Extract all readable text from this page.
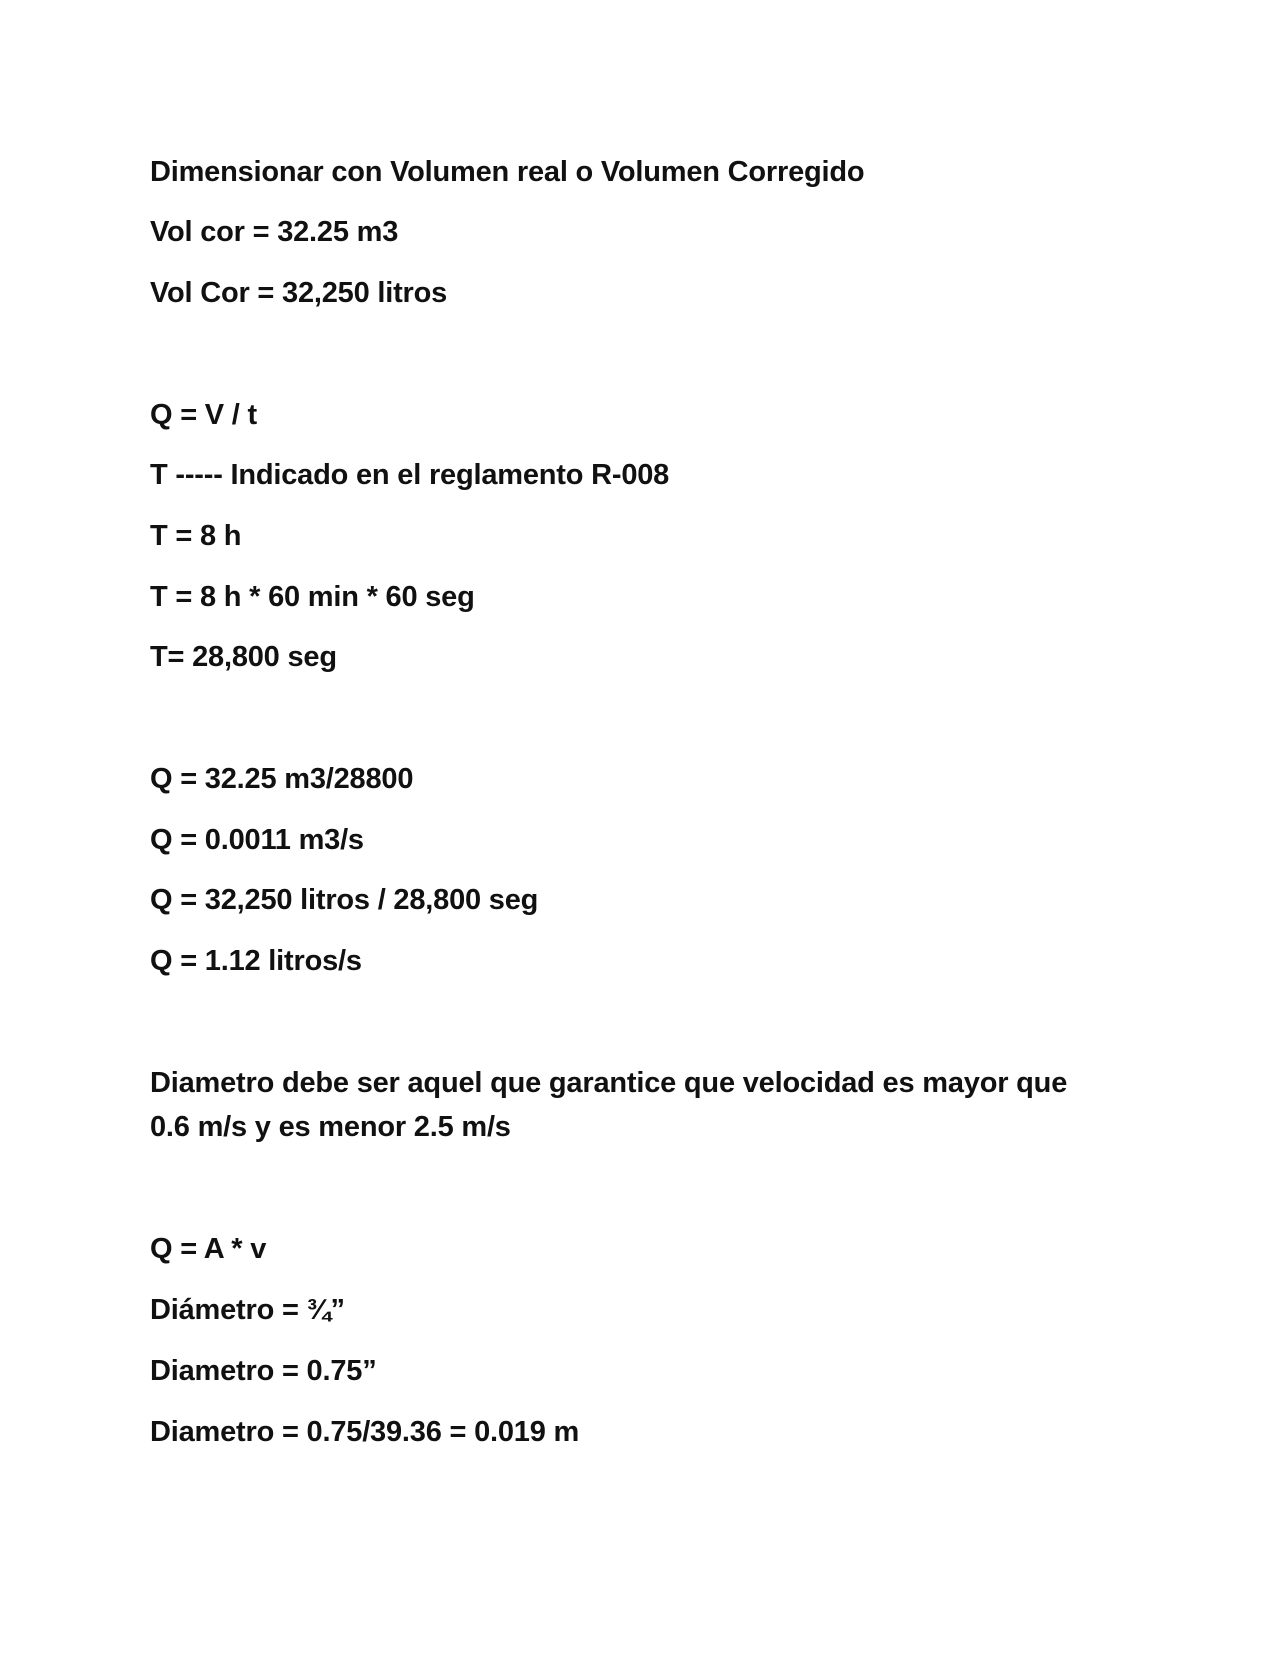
Dimensionar con Volumen real o Volumen Corregido
Vol cor = 32.25 m3
Vol Cor = 32,250 litros
Q = V / t
T ----- Indicado en el reglamento R-008
T = 8 h
T = 8 h * 60 min * 60 seg
T= 28,800 seg
Q = 32.25 m3/28800
Q = 0.0011 m3/s
Q = 32,250 litros / 28,800 seg
Q = 1.12 litros/s
Diametro debe ser aquel que garantice que velocidad es mayor que 0.6 m/s y es menor 2.5 m/s
Q = A * v
Diámetro = ¾”
Diametro = 0.75”
Diametro = 0.75/39.36 = 0.019 m
